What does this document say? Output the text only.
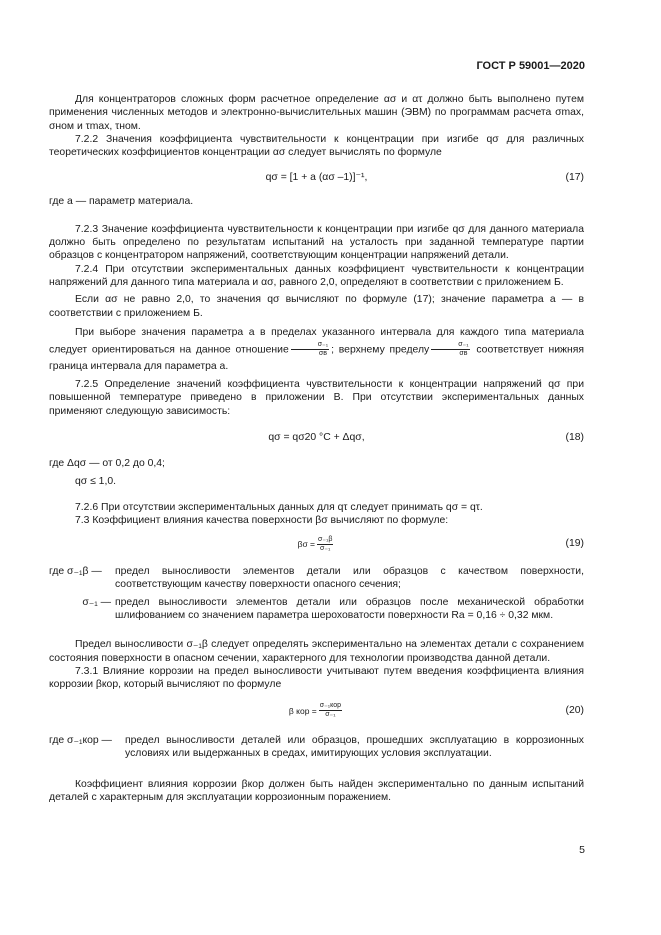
ГОСТ Р 59001—2020

Для концентраторов сложных форм расчетное определение ασ и ατ должно быть выполнено путем применения численных методов и электронно-вычислительных машин (ЭВМ) по программам расчета σmax, σном и τmax, τном.

7.2.2 Значения коэффициента чувствительности к концентрации при изгибе qσ для различных теоретических коэффициентов концентрации ασ следует вычислять по формуле

qσ = [1 + a (ασ –1)]⁻¹,	(17)

где a — параметр материала.

7.2.3 Значение коэффициента чувствительности к концентрации при изгибе qσ для данного материала должно быть определено по результатам испытаний на усталость при заданной температуре партии образцов с концентратором напряжений, соответствующим концентрации напряжений детали.

7.2.4 При отсутствии экспериментальных данных коэффициент чувствительности к концентрации напряжений для данного типа материала и ασ, равного 2,0, определяют в соответствии с приложением Б.

Если ασ не равно 2,0, то значения qσ вычисляют по формуле (17); значение параметра a — в соответствии с приложением Б.

При выборе значения параметра a в пределах указанного интервала для каждого типа материала следует ориентироваться на данное отношение $\frac{\text{σ₋₁}}{\sigma в}$ ; верхнему пределу $\frac{\text{σ₋₁}}{\sigma в}$ соответствует нижняя граница интервала для параметра a.

7.2.5 Определение значений коэффициента чувствительности к концентрации напряжений qσ при повышенной температуре приведено в приложении В. При отсутствии экспериментальных данных применяют следующую зависимость:

qσ = qσ20 °C + Δqσ,	(18)

где Δqσ — от 0,2 до 0,4;

qσ ≤ 1,0.

7.2.6 При отсутствии экспериментальных данных для qτ следует принимать qσ = qτ.

7.3 Коэффициент влияния качества поверхности βσ вычисляют по формуле:

$\beta\sigma = \frac{\text{σ₋₁β}}{\text{σ₋₁}}$	(19)
где σ₋₁β —	предел выносливости элементов детали или образцов с качеством поверхности, соответствующим качеству поверхности опасного сечения;
σ₋₁ — предел выносливости элементов детали или образцов после механической обработки шлифованием со значением параметра шероховатости поверхности Ra = 0,16 ÷ 0,32 мкм.

Предел выносливости σ₋₁β следует определять экспериментально на элементах детали с сохранением состояния поверхности в опасном сечении, характерного для технологии производства данной детали.

7.3.1 Влияние коррозии на предел выносливости учитывают путем введения коэффициента влияния коррозии βкор, который вычисляют по формуле

β кор = $\frac{\text{σ₋₁кор}}{\text{σ₋₁}}$	(20)
где σ₋₁кор —	предел выносливости деталей или образцов, прошедших эксплуатацию в коррозионных условиях или выдержанных в средах, имитирующих условия эксплуатации.

Коэффициент влияния коррозии βкор должен быть найден экспериментально по данным испытаний деталей с характерным для эксплуатации коррозионным поражением.

5
